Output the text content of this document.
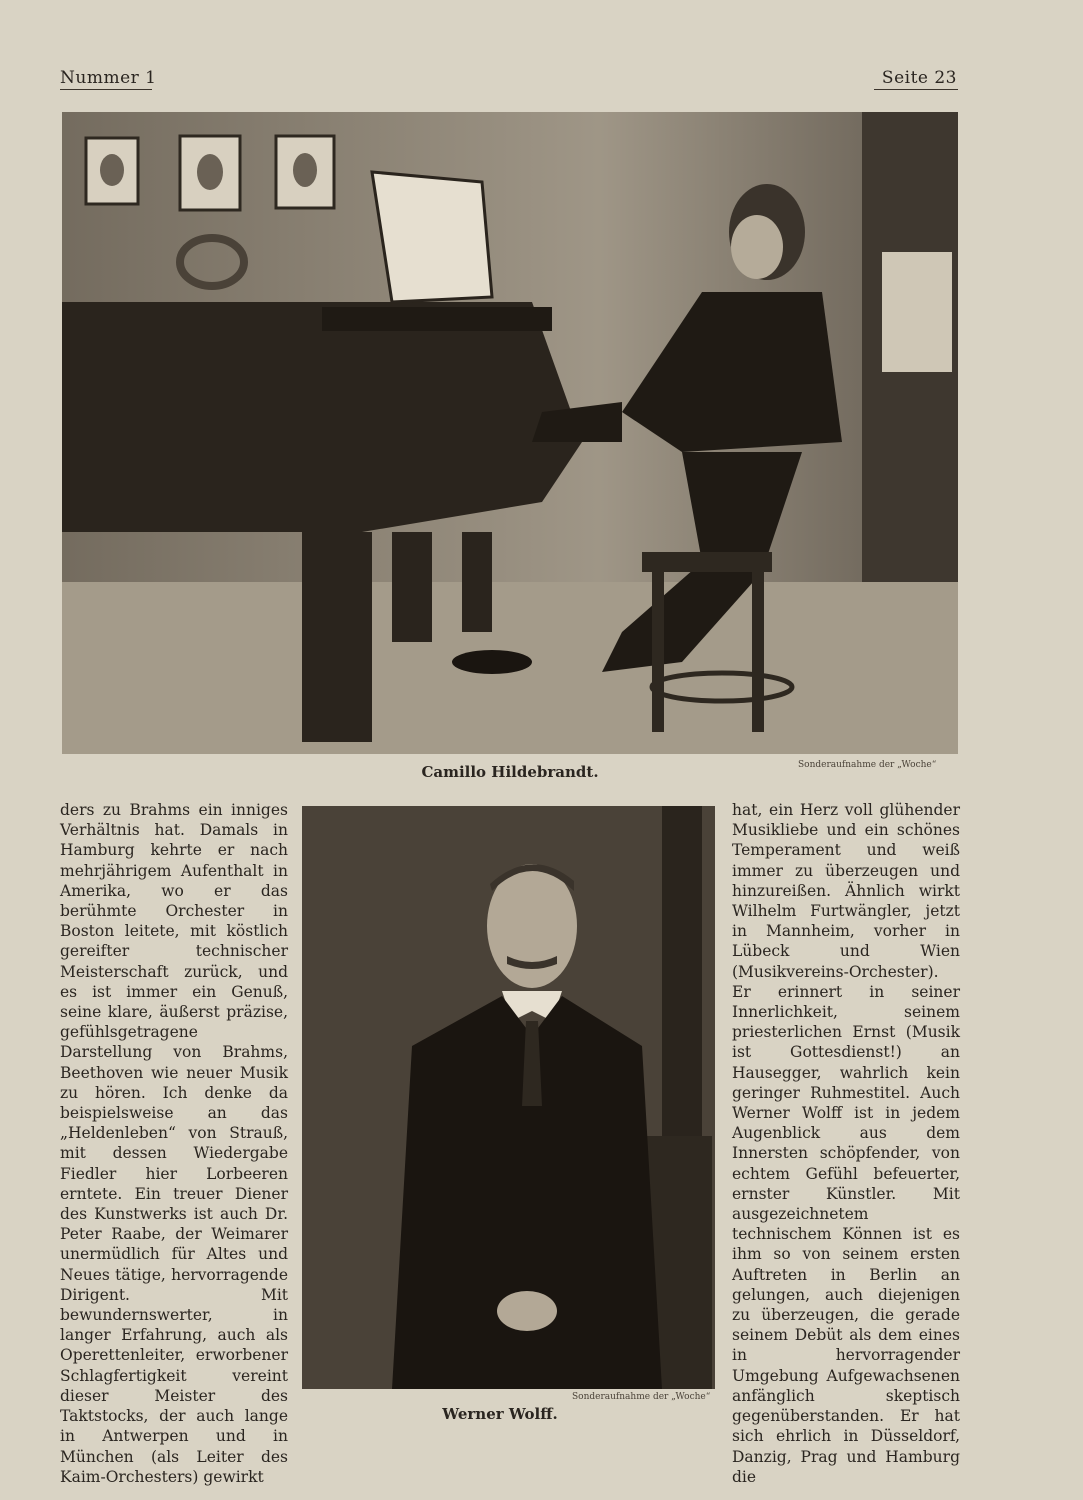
Nummer 1	Seite 23
Camillo Hildebrandt.	Sonderaufnahme der „Woche“

ders zu Brahms ein inniges Verhältnis hat. Damals in Hamburg kehrte er nach mehrjährigem Aufenthalt in Amerika, wo er das berühmte Orchester in Boston leitete, mit köstlich gereifter technischer Meisterschaft zurück, und es ist immer ein Genuß, seine klare, äußerst präzise, gefühlsgetragene Darstellung von Brahms, Beethoven wie neuer Musik zu hören. Ich denke da beispielsweise an das „Heldenleben“ von Strauß, mit dessen Wiedergabe Fiedler hier Lorbeeren erntete. Ein treuer Diener des Kunstwerks ist auch Dr. Peter Raabe, der Weimarer unermüdlich für Altes und Neues tätige, hervorragende Dirigent. Mit bewundernswerter, in langer Erfahrung, auch als Operettenleiter, erworbener Schlagfertigkeit vereint dieser Meister des Taktstocks, der auch lange in Antwerpen und in München (als Leiter des Kaim-Orchesters) gewirkt

Werner Wolff.
Sonderaufnahme der „Woche“

hat, ein Herz voll glühender Musikliebe und ein schönes Temperament und weiß immer zu überzeugen und hinzureißen. Ähnlich wirkt Wilhelm Furtwängler, jetzt in Mannheim, vorher in Lübeck und Wien (Musikvereins-Orchester). Er erinnert in seiner Innerlichkeit, seinem priesterlichen Ernst (Musik ist Gottesdienst!) an Hausegger, wahrlich kein geringer Ruhmestitel. Auch Werner Wolff ist in jedem Augenblick aus dem Innersten schöpfender, von echtem Gefühl befeuerter, ernster Künstler. Mit ausgezeichnetem technischem Können ist es ihm so von seinem ersten Auftreten in Berlin an gelungen, auch diejenigen zu überzeugen, die gerade seinem Debüt als dem eines in hervorragender Umgebung Aufgewachsenen anfänglich skeptisch gegenüberstanden. Er hat sich ehrlich in Düsseldorf, Danzig, Prag und Hamburg die
